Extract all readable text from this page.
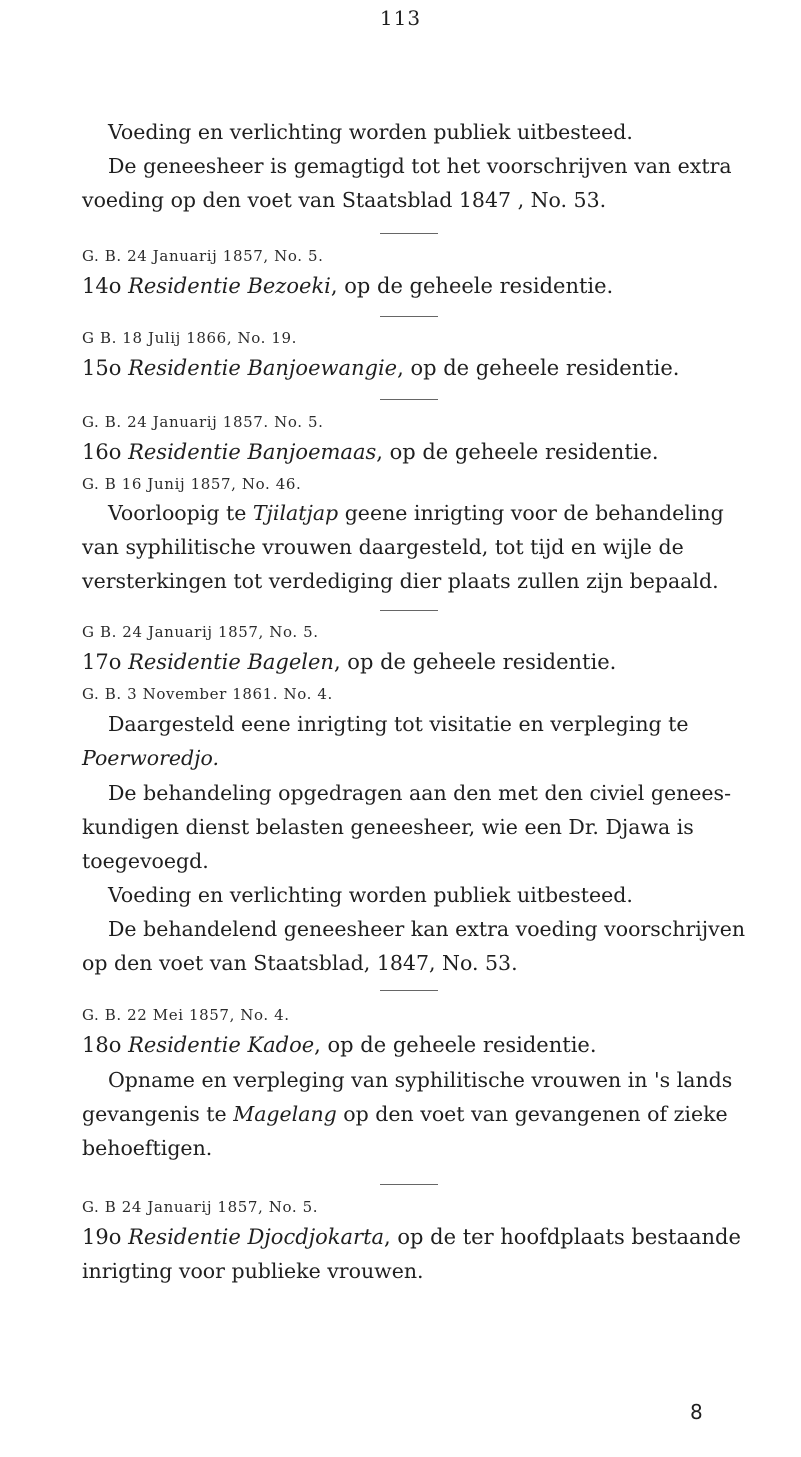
113
Voeding en verlichting worden publiek uitbesteed.
De geneesheer is gemagtigd tot het voorschrijven van extra
voeding op den voet van Staatsblad 1847 , No. 53.
G. B. 24 Januarij 1857, No. 5.
14o Residentie Bezoeki, op de geheele residentie.
G B. 18 Julij 1866, No. 19.
15o Residentie Banjoewangie, op de geheele residentie.
G. B. 24 Januarij 1857. No. 5.
16o Residentie Banjoemaas, op de geheele residentie.
G. B 16 Junij 1857, No. 46.
Voorloopig te Tjilatjap geene inrigting voor de behandeling
van syphilitische vrouwen daargesteld, tot tijd en wijle de
versterkingen tot verdediging dier plaats zullen zijn bepaald.
G B. 24 Januarij 1857, No. 5.
17o Residentie Bagelen, op de geheele residentie.
G. B. 3 November 1861. No. 4.
Daargesteld eene inrigting tot visitatie en verpleging te
Poerworedjo.
De behandeling opgedragen aan den met den civiel genees-
kundigen dienst belasten geneesheer, wie een Dr. Djawa is
toegevoegd.
Voeding en verlichting worden publiek uitbesteed.
De behandelend geneesheer kan extra voeding voorschrijven
op den voet van Staatsblad, 1847, No. 53.
G. B. 22 Mei 1857, No. 4.
18o Residentie Kadoe, op de geheele residentie.
Opname en verpleging van syphilitische vrouwen in 's lands
gevangenis te Magelang op den voet van gevangenen of zieke
behoeftigen.
G. B 24 Januarij 1857, No. 5.
19o Residentie Djocdjokarta, op de ter hoofdplaats bestaande
inrigting voor publieke vrouwen.
8
